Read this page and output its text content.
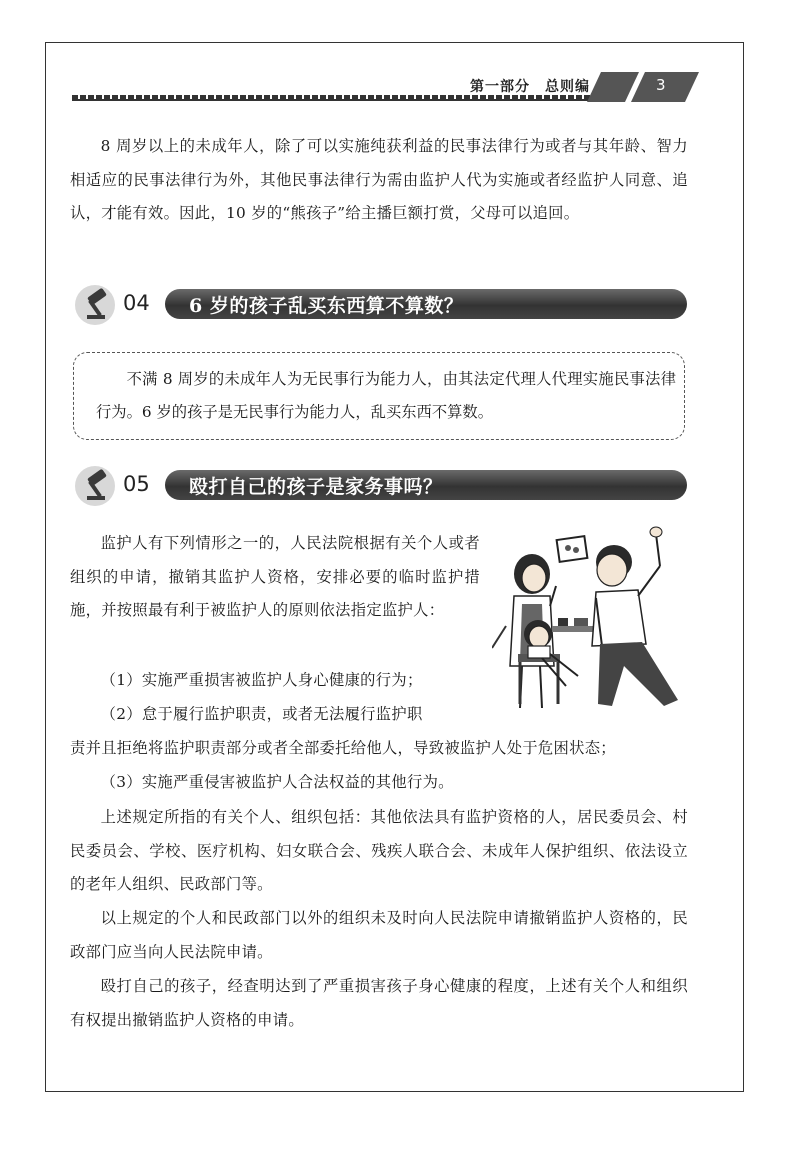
第一部分　总则编	3

8 周岁以上的未成年人，除了可以实施纯获利益的民事法律行为或者与其年龄、智力相适应的民事法律行为外，其他民事法律行为需由监护人代为实施或者经监护人同意、追认，才能有效。因此，10 岁的“熊孩子”给主播巨额打赏，父母可以追回。

04 6 岁的孩子乱买东西算不算数？

不满 8 周岁的未成年人为无民事行为能力人，由其法定代理人代理实施民事法律行为。6 岁的孩子是无民事行为能力人，乱买东西不算数。

05 殴打自己的孩子是家务事吗？

监护人有下列情形之一的，人民法院根据有关个人或者组织的申请，撤销其监护人资格，安排必要的临时监护措施，并按照最有利于被监护人的原则依法指定监护人：

（1）实施严重损害被监护人身心健康的行为；

（2）怠于履行监护职责，或者无法履行监护职

责并且拒绝将监护职责部分或者全部委托给他人，导致被监护人处于危困状态；

（3）实施严重侵害被监护人合法权益的其他行为。

上述规定所指的有关个人、组织包括：其他依法具有监护资格的人，居民委员会、村民委员会、学校、医疗机构、妇女联合会、残疾人联合会、未成年人保护组织、依法设立的老年人组织、民政部门等。

以上规定的个人和民政部门以外的组织未及时向人民法院申请撤销监护人资格的，民政部门应当向人民法院申请。

殴打自己的孩子，经查明达到了严重损害孩子身心健康的程度，上述有关个人和组织有权提出撤销监护人资格的申请。
